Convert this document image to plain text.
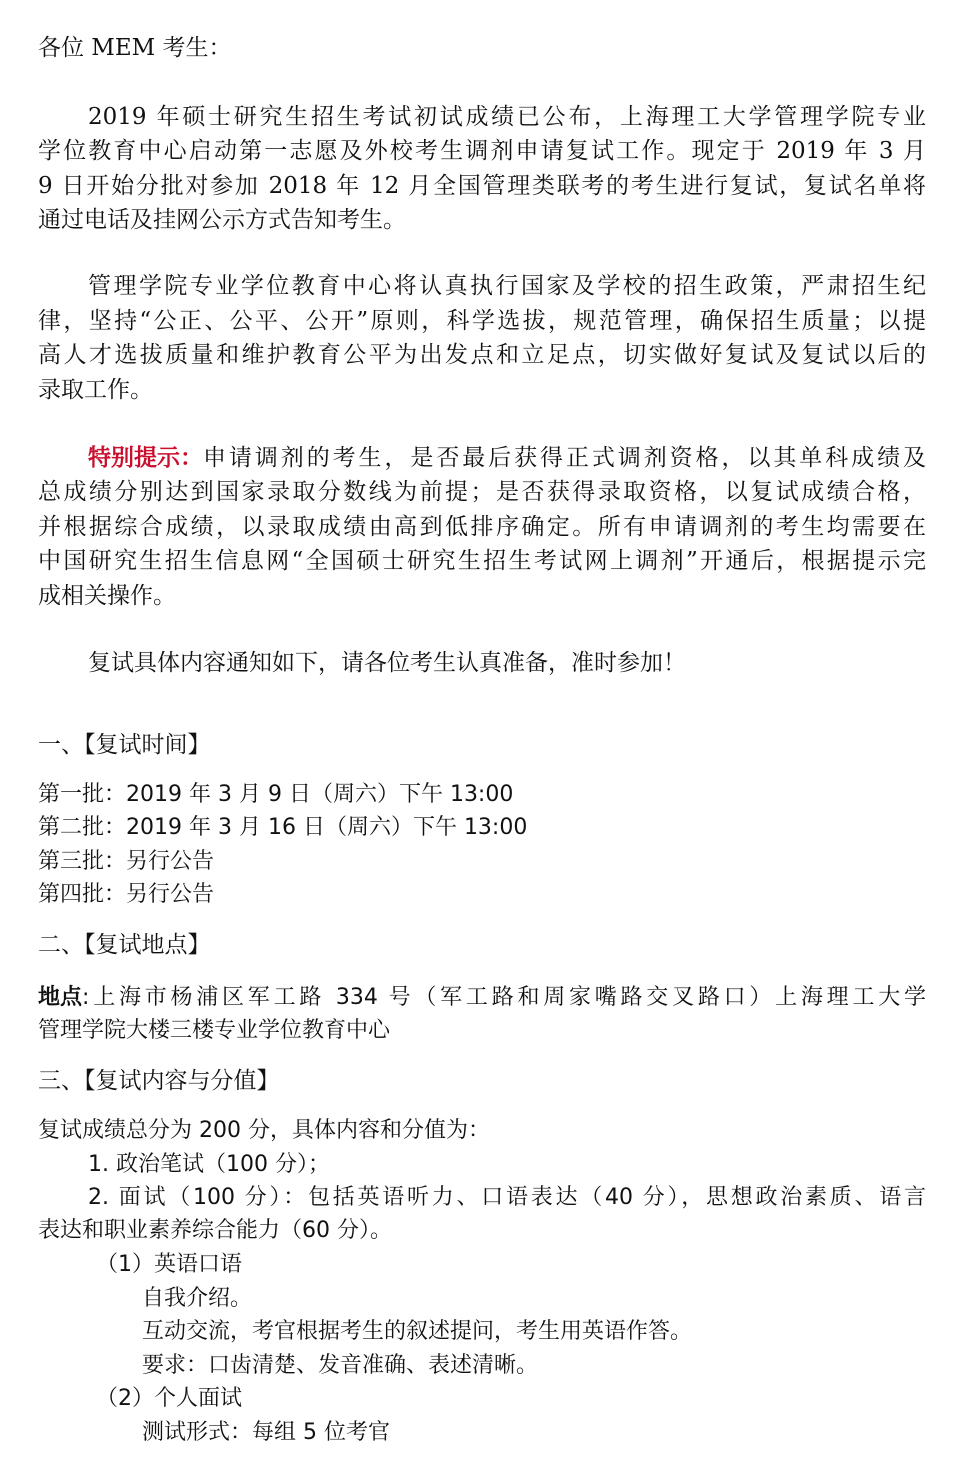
各位 MEM 考生：
2019 年硕士研究生招生考试初试成绩已公布，上海理工大学管理学院专业
学位教育中心启动第一志愿及外校考生调剂申请复试工作。现定于 2019 年 3 月
9 日开始分批对参加 2018 年 12 月全国管理类联考的考生进行复试，复试名单将
通过电话及挂网公示方式告知考生。
管理学院专业学位教育中心将认真执行国家及学校的招生政策，严肃招生纪
律，坚持“公正、公平、公开”原则，科学选拔，规范管理，确保招生质量；以提
高人才选拔质量和维护教育公平为出发点和立足点，切实做好复试及复试以后的
录取工作。
特别提示： 申请调剂的考生，是否最后获得正式调剂资格，以其单科成绩及
总成绩分别达到国家录取分数线为前提；是否获得录取资格，以复试成绩合格，
并根据综合成绩，以录取成绩由高到低排序确定。所有申请调剂的考生均需要在
中国研究生招生信息网“全国硕士研究生招生考试网上调剂”开通后，根据提示完
成相关操作。
复试具体内容通知如下，请各位考生认真准备，准时参加！
一、【复试时间】
第一批：2019 年 3 月 9 日（周六）下午 13:00
第二批：2019 年 3 月 16 日（周六）下午 13:00
第三批：另行公告
第四批：另行公告
二、【复试地点】
地点 :上海市杨浦区军工路 334 号（军工路和周家嘴路交叉路口）上海理工大学
管理学院大楼三楼专业学位教育中心
三、【复试内容与分值】
复试成绩总分为 200 分，具体内容和分值为：
1. 政治笔试（100 分）；
2. 面试（100 分）：包括英语听力、口语表达（40 分），思想政治素质、语言
表达和职业素养综合能力（60 分）。
（1）英语口语
自我介绍。
互动交流，考官根据考生的叙述提问，考生用英语作答。
要求：口齿清楚、发音准确、表述清晰。
（2）个人面试
测试形式：每组 5 位考官
